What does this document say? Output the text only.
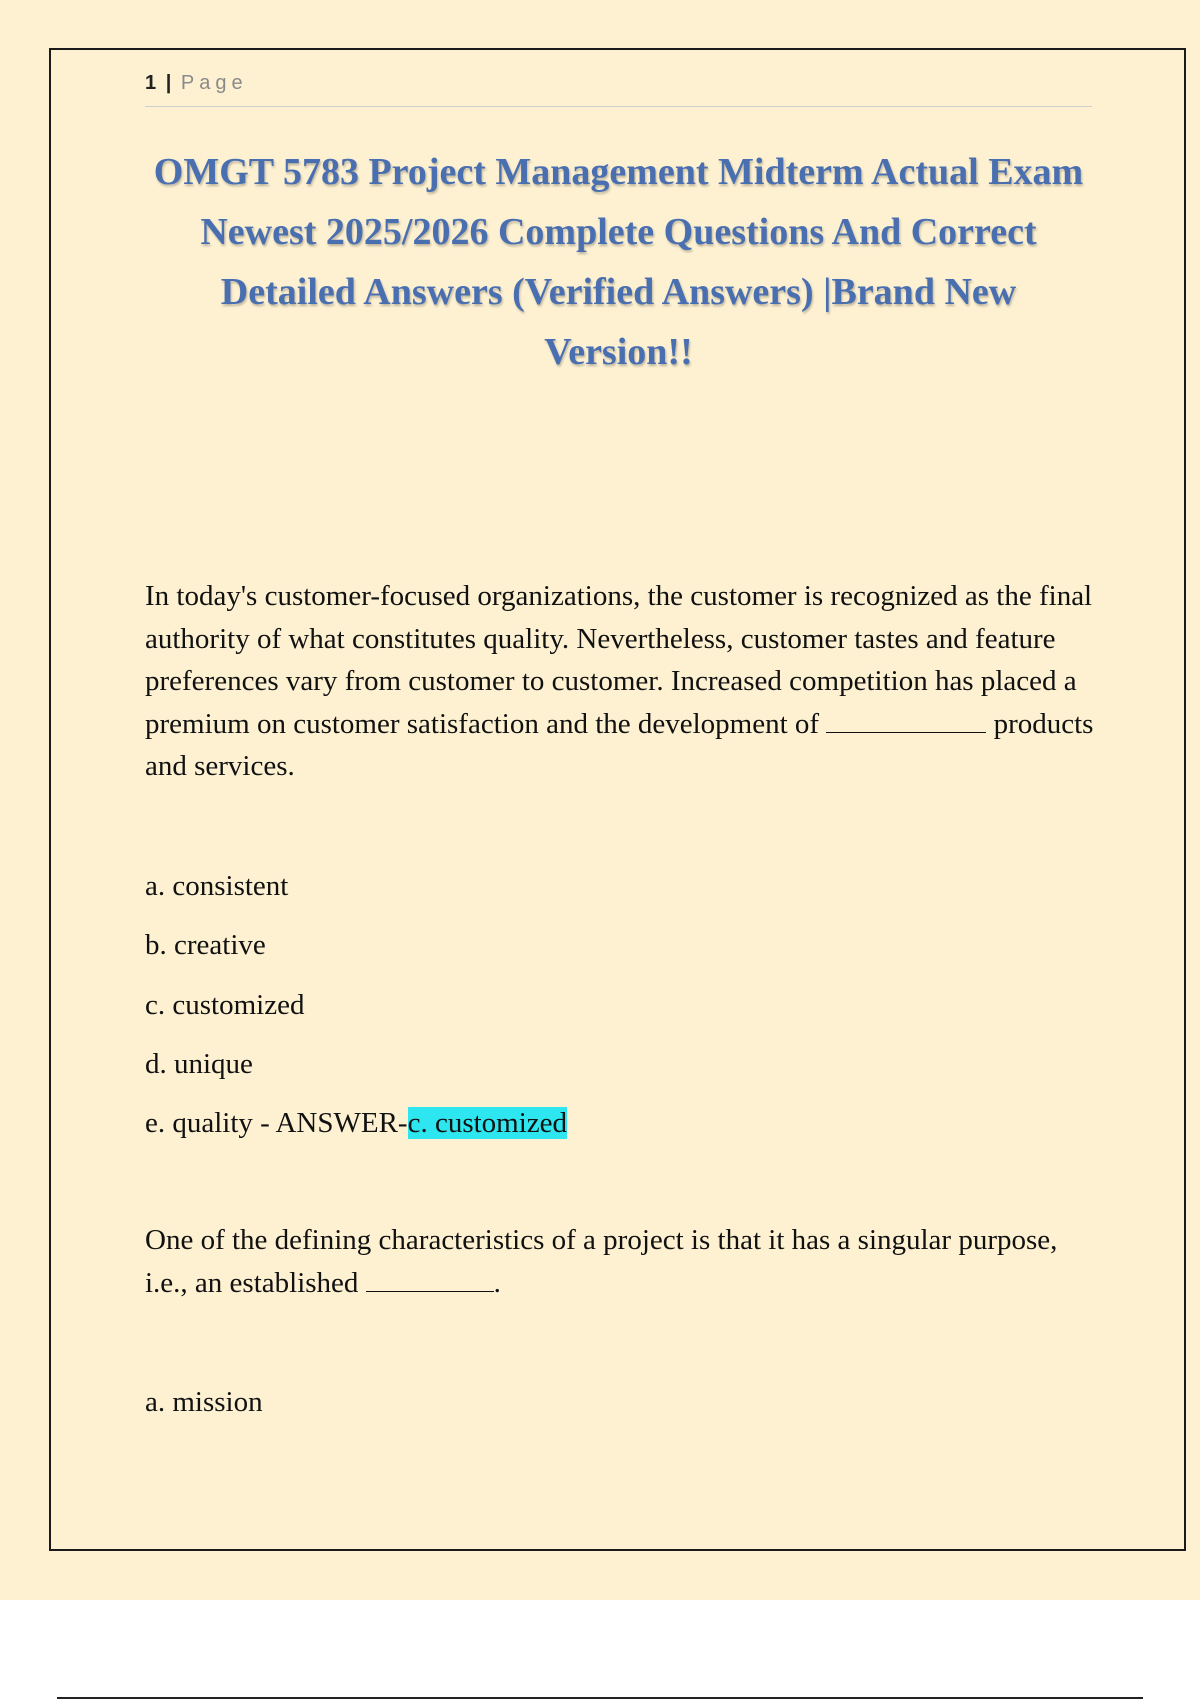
1 | Page
OMGT 5783 Project Management Midterm Actual Exam Newest 2025/2026 Complete Questions And Correct Detailed Answers (Verified Answers) |Brand New Version!!
In today's customer-focused organizations, the customer is recognized as the final authority of what constitutes quality. Nevertheless, customer tastes and feature preferences vary from customer to customer. Increased competition has placed a premium on customer satisfaction and the development of	products and services.
a. consistent
b. creative
c. customized
d. unique
e. quality - ANSWER-c. customized
One of the defining characteristics of a project is that it has a singular purpose, i.e., an established	.
a. mission
